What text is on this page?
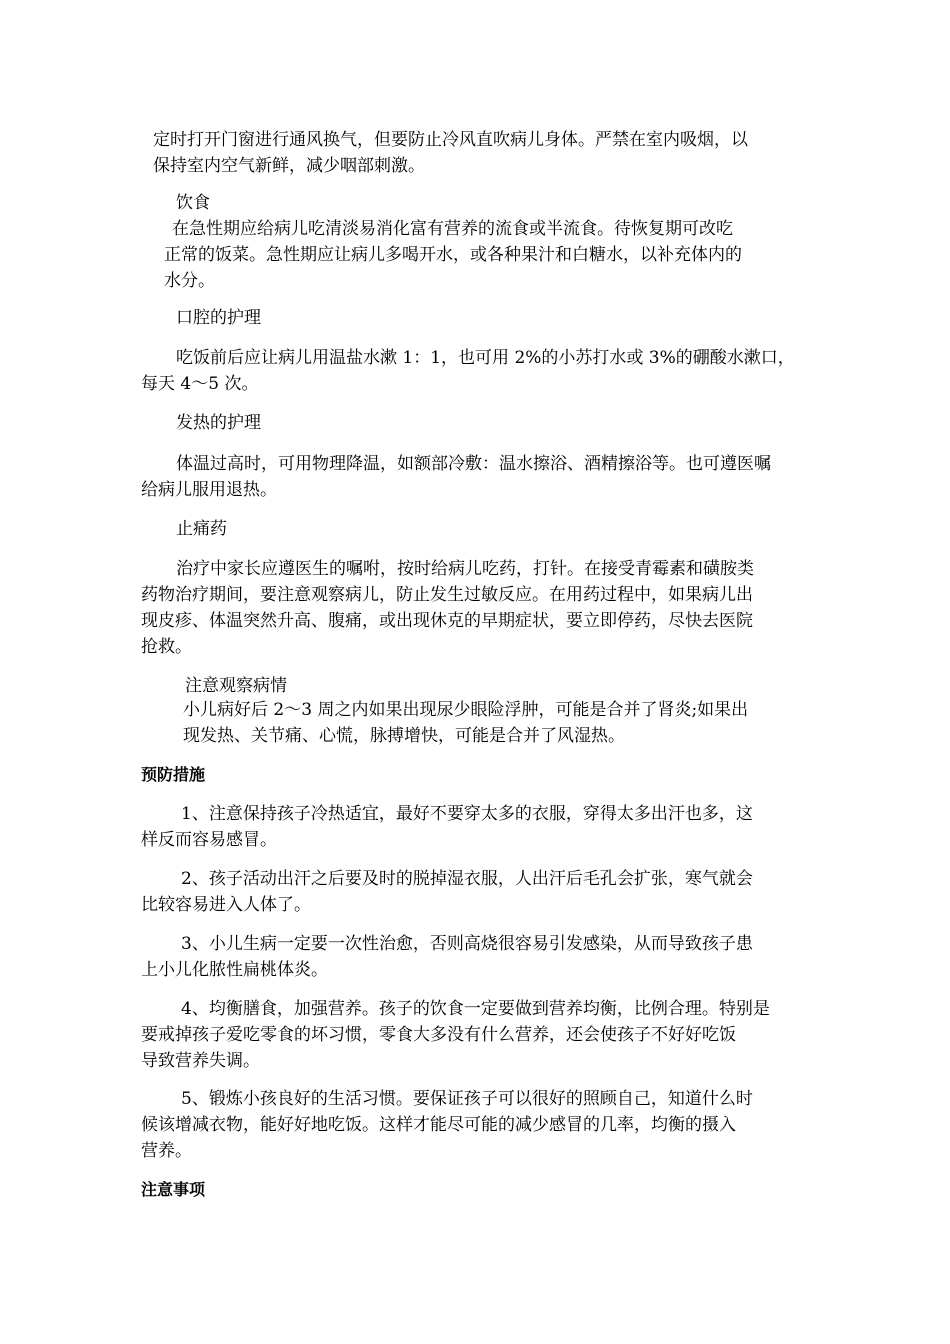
定时打开门窗进行通风换气，但要防止冷风直吹病儿身体。严禁在室内吸烟，以
保持室内空气新鲜，减少咽部刺激。

饮食

在急性期应给病儿吃清淡易消化富有营养的流食或半流食。待恢复期可改吃
正常的饭菜。急性期应让病儿多喝开水，或各种果汁和白糖水，以补充体内的
水分。

口腔的护理

吃饭前后应让病儿用温盐水漱 1：1，也可用 2%的小苏打水或 3%的硼酸水漱口，
每天 4～5 次。

发热的护理

体温过高时，可用物理降温，如额部冷敷：温水擦浴、酒精擦浴等。也可遵医嘱
给病儿服用退热。

止痛药

治疗中家长应遵医生的嘱咐，按时给病儿吃药，打针。在接受青霉素和磺胺类
药物治疗期间，要注意观察病儿，防止发生过敏反应。在用药过程中，如果病儿出
现皮疹、体温突然升高、腹痛，或出现休克的早期症状，要立即停药，尽快去医院
抢救。

注意观察病情

小儿病好后 2～3 周之内如果出现尿少眼险浮肿，可能是合并了肾炎;如果出
现发热、关节痛、心慌，脉搏增快，可能是合并了风湿热。

预防措施

1、注意保持孩子冷热适宜，最好不要穿太多的衣服，穿得太多出汗也多，这
样反而容易感冒。
2、孩子活动出汗之后要及时的脱掉湿衣服，人出汗后毛孔会扩张，寒气就会
比较容易进入人体了。
3、小儿生病一定要一次性治愈，否则高烧很容易引发感染，从而导致孩子患
上小儿化脓性扁桃体炎。
4、均衡膳食，加强营养。孩子的饮食一定要做到营养均衡，比例合理。特别是
要戒掉孩子爱吃零食的坏习惯，零食大多没有什么营养，还会使孩子不好好吃饭
导致营养失调。
5、锻炼小孩良好的生活习惯。要保证孩子可以很好的照顾自己，知道什么时
候该增减衣物，能好好地吃饭。这样才能尽可能的减少感冒的几率，均衡的摄入
营养。

注意事项
